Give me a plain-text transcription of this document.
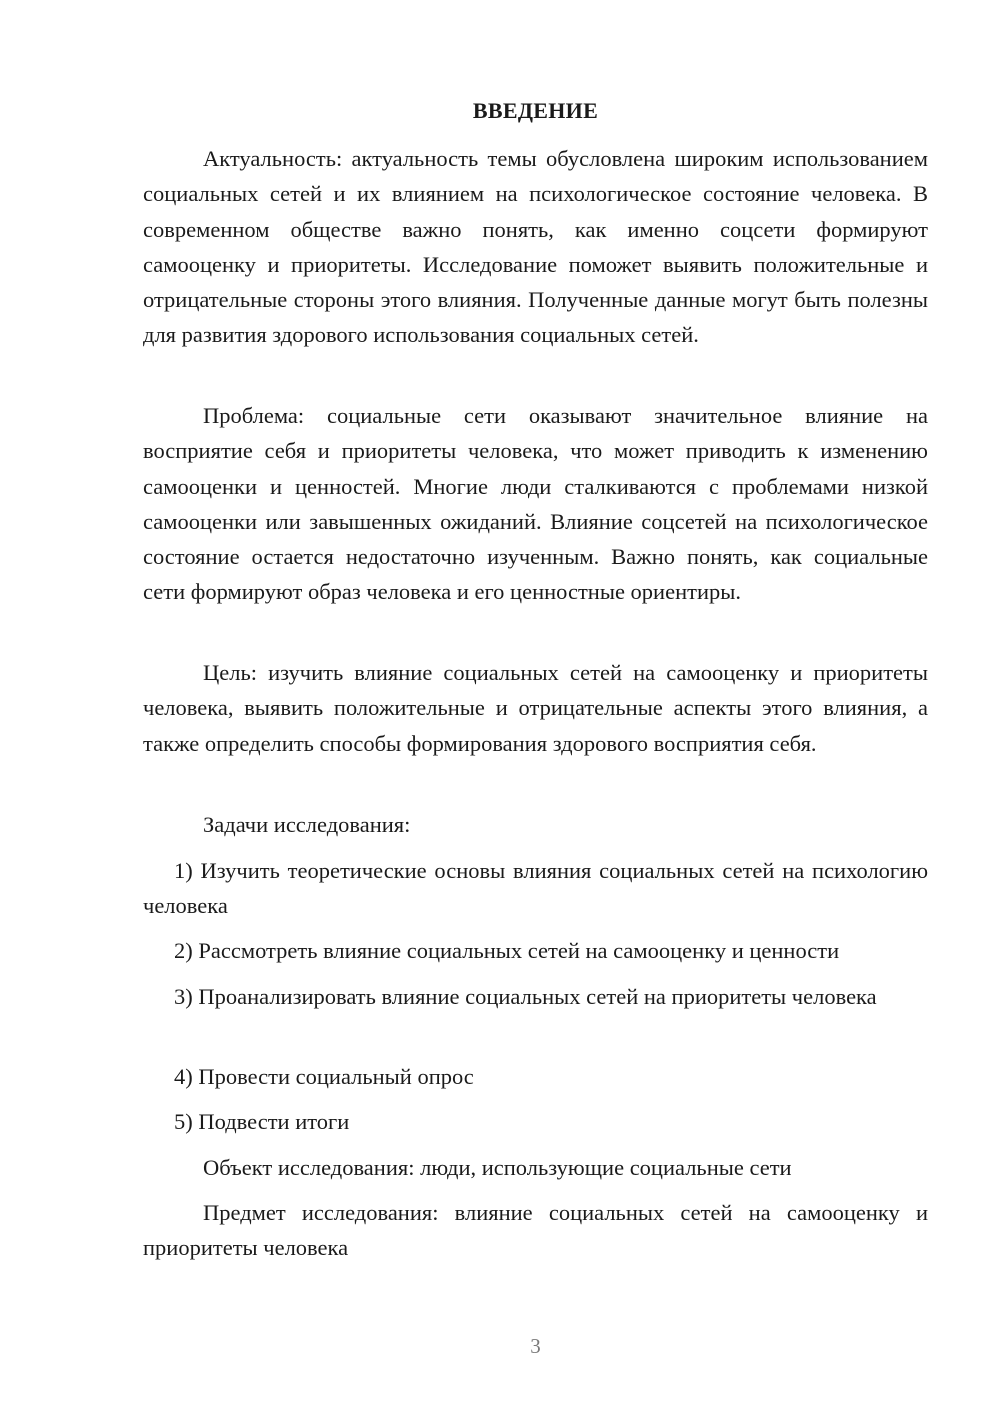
ВВЕДЕНИЕ

Актуальность: актуальность темы обусловлена широким использованием социальных сетей и их влиянием на психологическое состояние человека. В современном обществе важно понять, как именно соцсети формируют самооценку и приоритеты. Исследование поможет выявить положительные и отрицательные стороны этого влияния. Полученные данные могут быть полезны для развития здорового использования социальных сетей.

Проблема: социальные сети оказывают значительное влияние на восприятие себя и приоритеты человека, что может приводить к изменению самооценки и ценностей. Многие люди сталкиваются с проблемами низкой самооценки или завышенных ожиданий. Влияние соцсетей на психологическое состояние остается недостаточно изученным. Важно понять, как социальные сети формируют образ человека и его ценностные ориентиры.

Цель: изучить влияние социальных сетей на самооценку и приоритеты человека, выявить положительные и отрицательные аспекты этого влияния, а также определить способы формирования здорового восприятия себя.

Задачи исследования:

1) Изучить теоретические основы влияния социальных сетей на психологию человека

2) Рассмотреть влияние социальных сетей на самооценку и ценности

3) Проанализировать влияние социальных сетей на приоритеты человека

4) Провести социальный опрос

5) Подвести итоги

Объект исследования: люди, использующие социальные сети

Предмет исследования: влияние социальных сетей на самооценку и приоритеты человека

3
